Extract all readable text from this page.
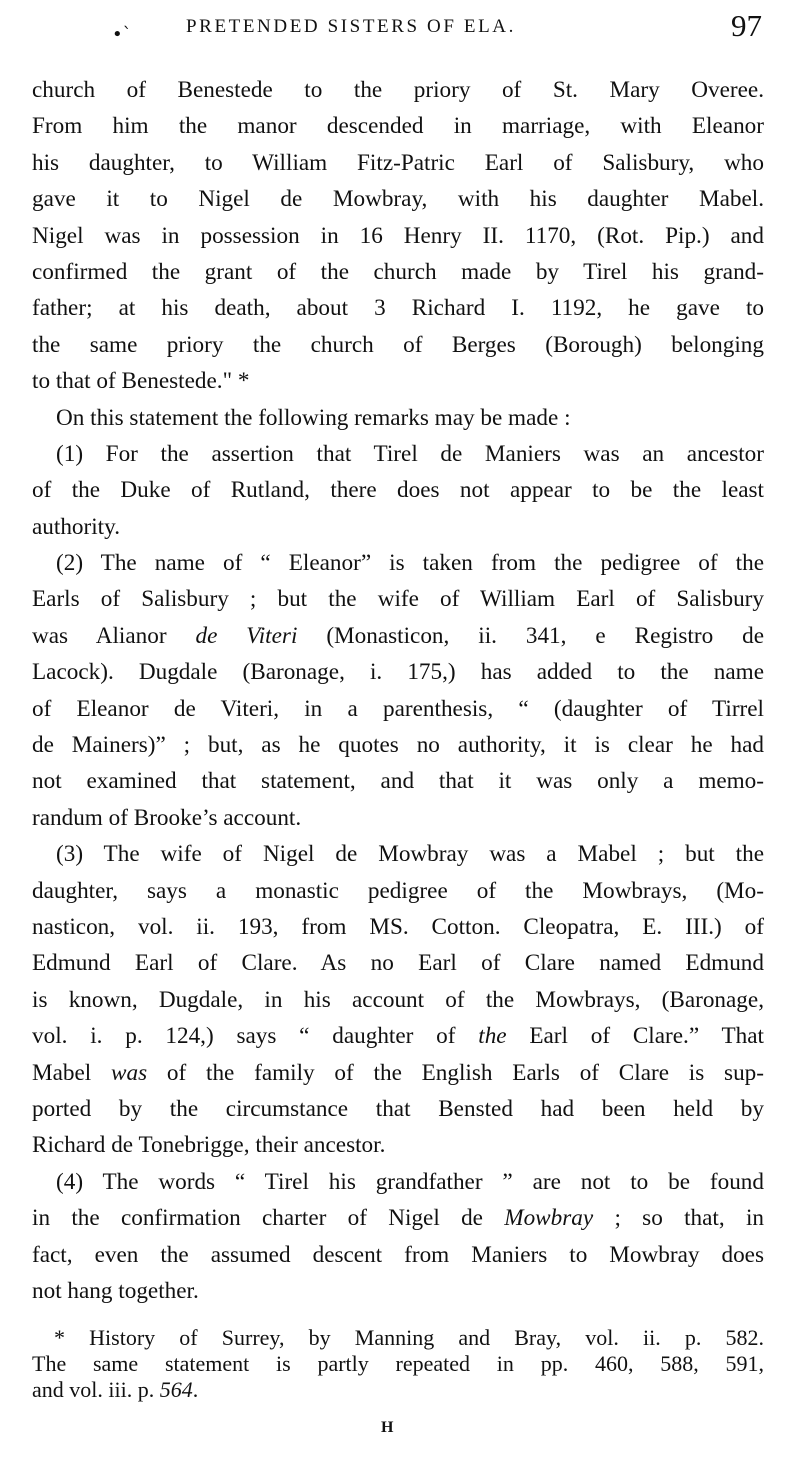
•`	PRETENDED SISTERS OF ELA.	97
church of Benestede to the priory of St. Mary Overee.
From him the manor descended in marriage, with Eleanor
his daughter, to William Fitz-Patric Earl of Salisbury, who
gave it to Nigel de Mowbray, with his daughter Mabel.
Nigel was in possession in 16 Henry II. 1170, (Rot. Pip.) and
confirmed the grant of the church made by Tirel his grand-
father; at his death, about 3 Richard I. 1192, he gave to
the same priory the church of Berges (Borough) belonging
to that of Benestede." *
On this statement the following remarks may be made :
(1) For the assertion that Tirel de Maniers was an ancestor
of the Duke of Rutland, there does not appear to be the least
authority.
(2) The name of “ Eleanor” is taken from the pedigree of the
Earls of Salisbury ; but the wife of William Earl of Salisbury
was Alianor de Viteri (Monasticon, ii. 341, e Registro de
Lacock). Dugdale (Baronage, i. 175,) has added to the name
of Eleanor de Viteri, in a parenthesis, “ (daughter of Tirrel
de Mainers)” ; but, as he quotes no authority, it is clear he had
not examined that statement, and that it was only a memo-
randum of Brooke’s account.
(3) The wife of Nigel de Mowbray was a Mabel ; but the
daughter, says a monastic pedigree of the Mowbrays, (Mo-
nasticon, vol. ii. 193, from MS. Cotton. Cleopatra, E. III.) of
Edmund Earl of Clare. As no Earl of Clare named Edmund
is known, Dugdale, in his account of the Mowbrays, (Baronage,
vol. i. p. 124,) says “ daughter of the Earl of Clare.” That
Mabel was of the family of the English Earls of Clare is sup-
ported by the circumstance that Bensted had been held by
Richard de Tonebrigge, their ancestor.
(4) The words “ Tirel his grandfather ” are not to be found
in the confirmation charter of Nigel de Mowbray ; so that, in
fact, even the assumed descent from Maniers to Mowbray does
not hang together.
* History of Surrey, by Manning and Bray, vol. ii. p. 582.
The same statement is partly repeated in pp. 460, 588, 591,
and vol. iii. p. 564.
H
